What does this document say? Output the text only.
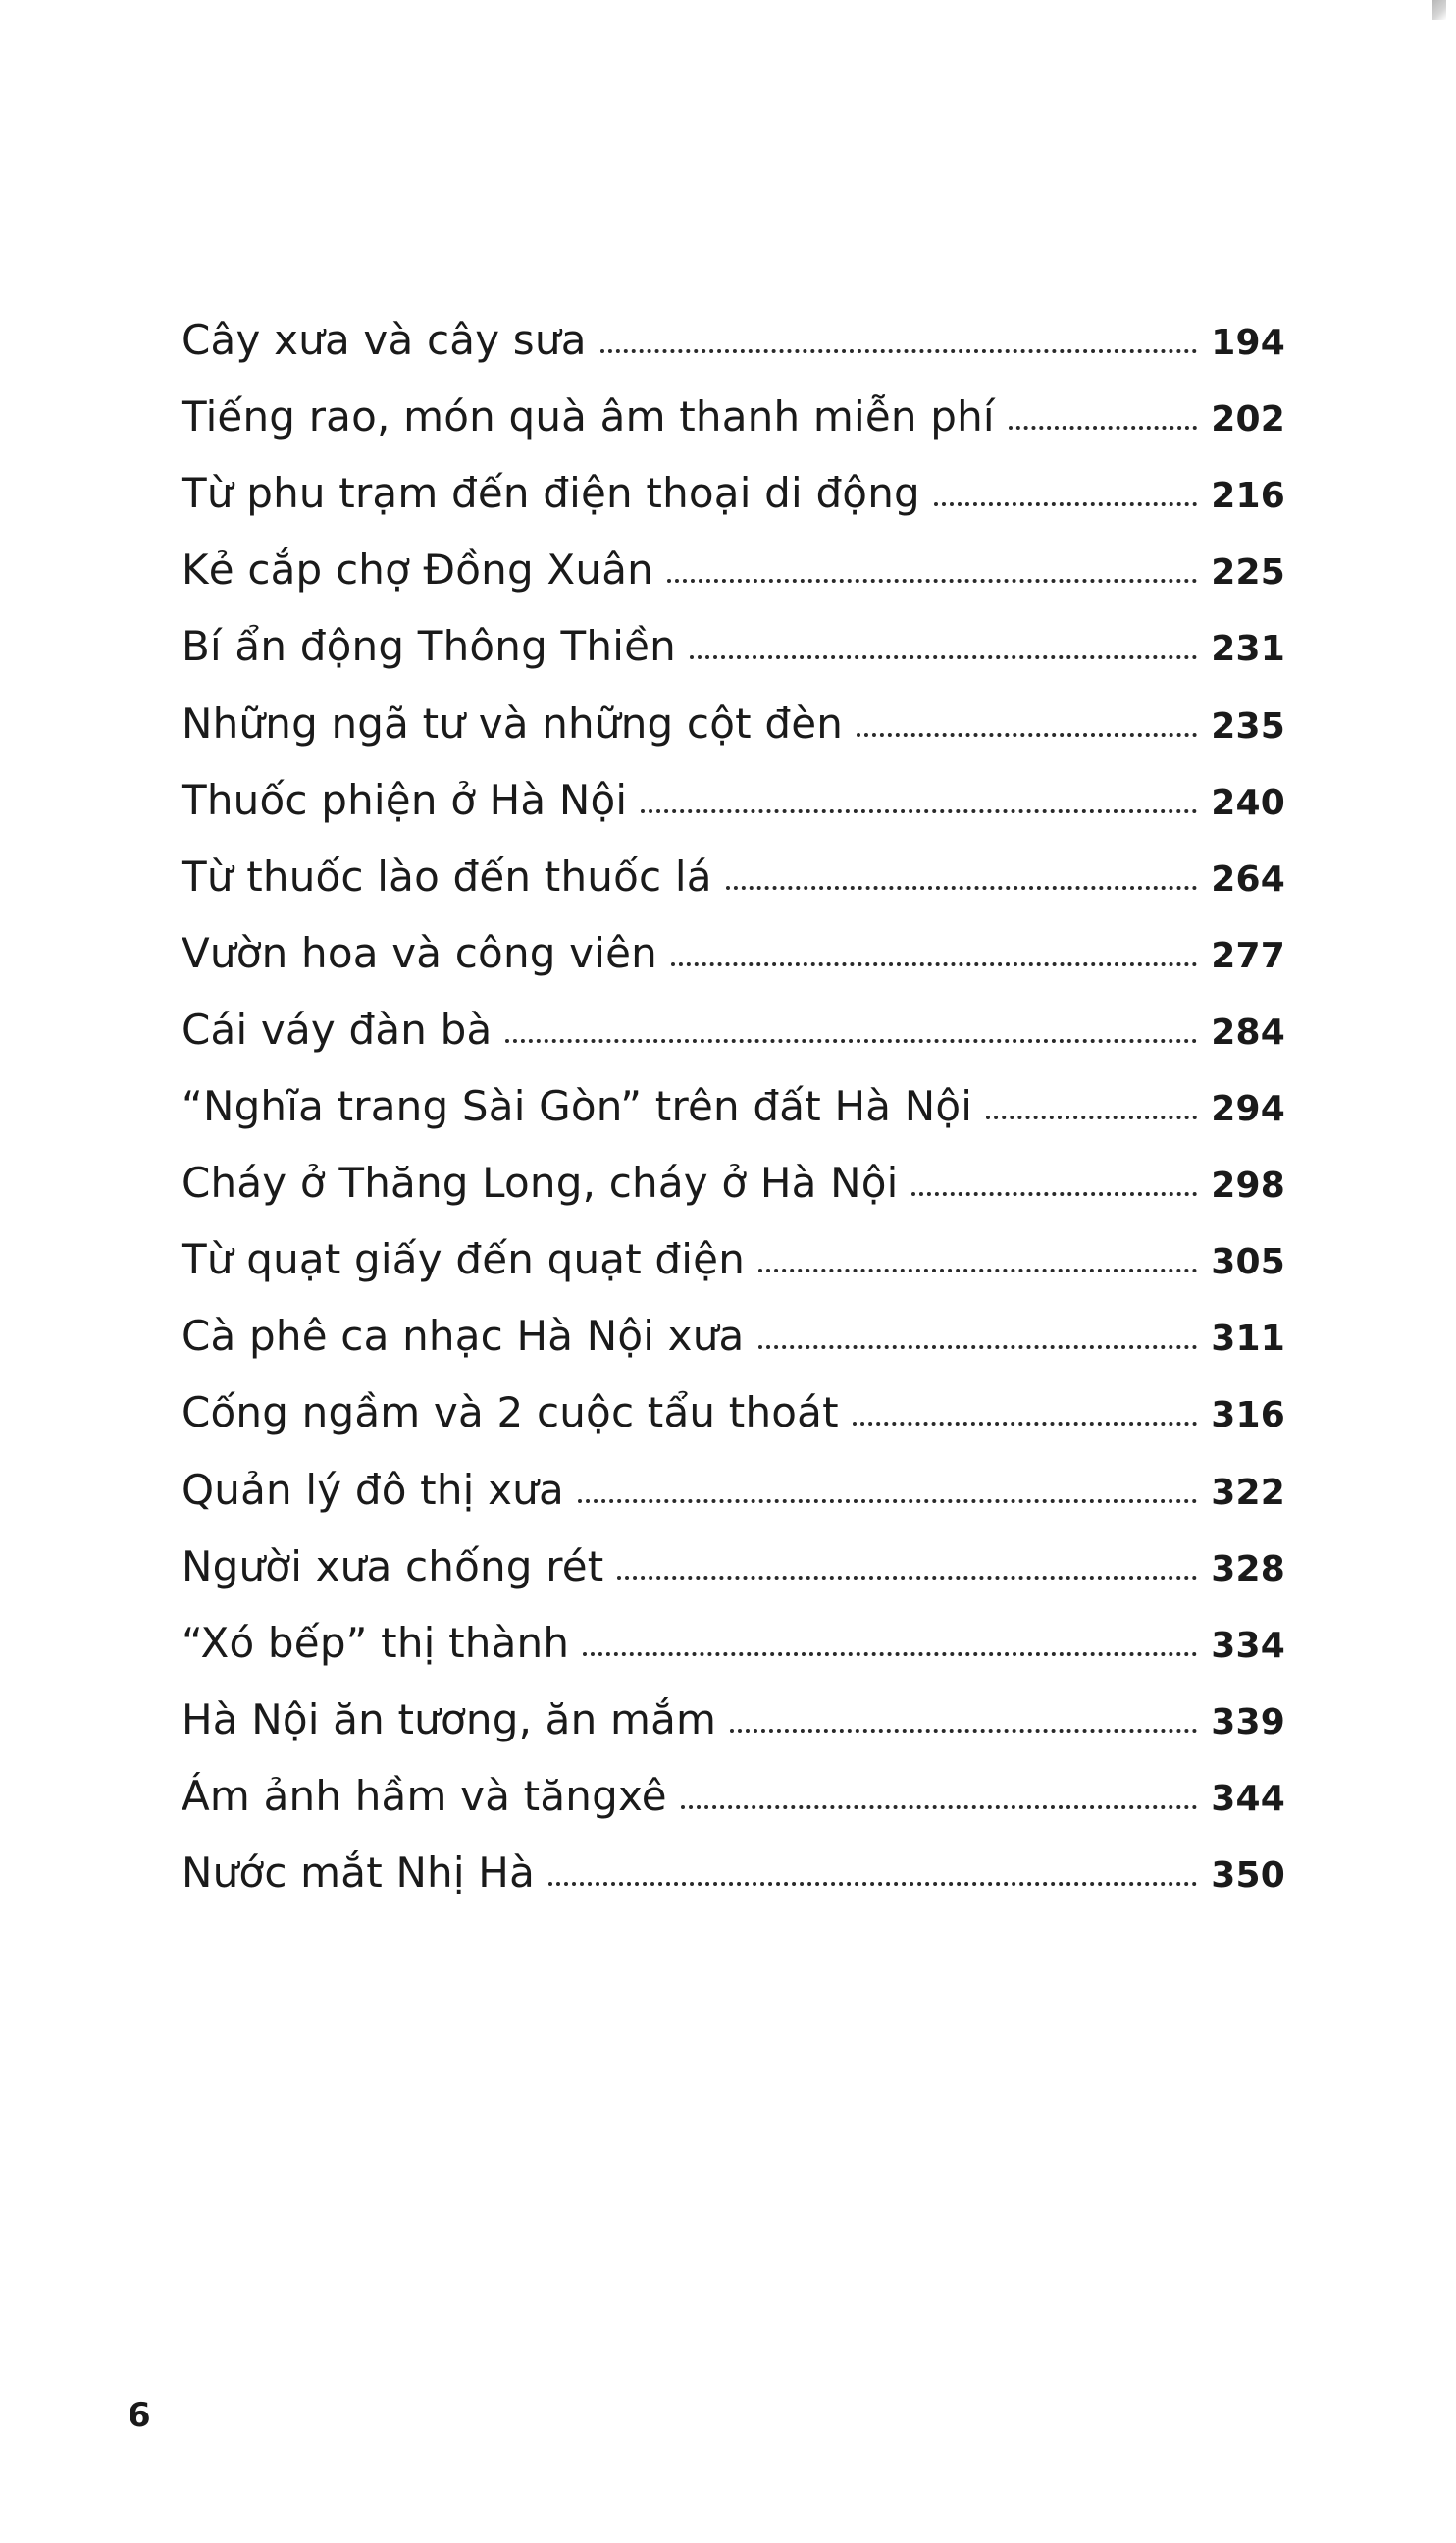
Cây xưa và cây sưa	194
Tiếng rao, món quà âm thanh miễn phí	202
Từ phu trạm đến điện thoại di động	216
Kẻ cắp chợ Đồng Xuân	225
Bí ẩn động Thông Thiền	231
Những ngã tư và những cột đèn	235
Thuốc phiện ở Hà Nội	240
Từ thuốc lào đến thuốc lá	264
Vườn hoa và công viên	277
Cái váy đàn bà	284
“Nghĩa trang Sài Gòn” trên đất Hà Nội	294
Cháy ở Thăng Long, cháy ở Hà Nội	298
Từ quạt giấy đến quạt điện	305
Cà phê ca nhạc Hà Nội xưa	311
Cống ngầm và 2 cuộc tẩu thoát	316
Quản lý đô thị xưa	322
Người xưa chống rét	328
“Xó bếp” thị thành	334
Hà Nội ăn tương, ăn mắm	339
Ám ảnh hầm và tăngxê	344
Nước mắt Nhị Hà	350
6
